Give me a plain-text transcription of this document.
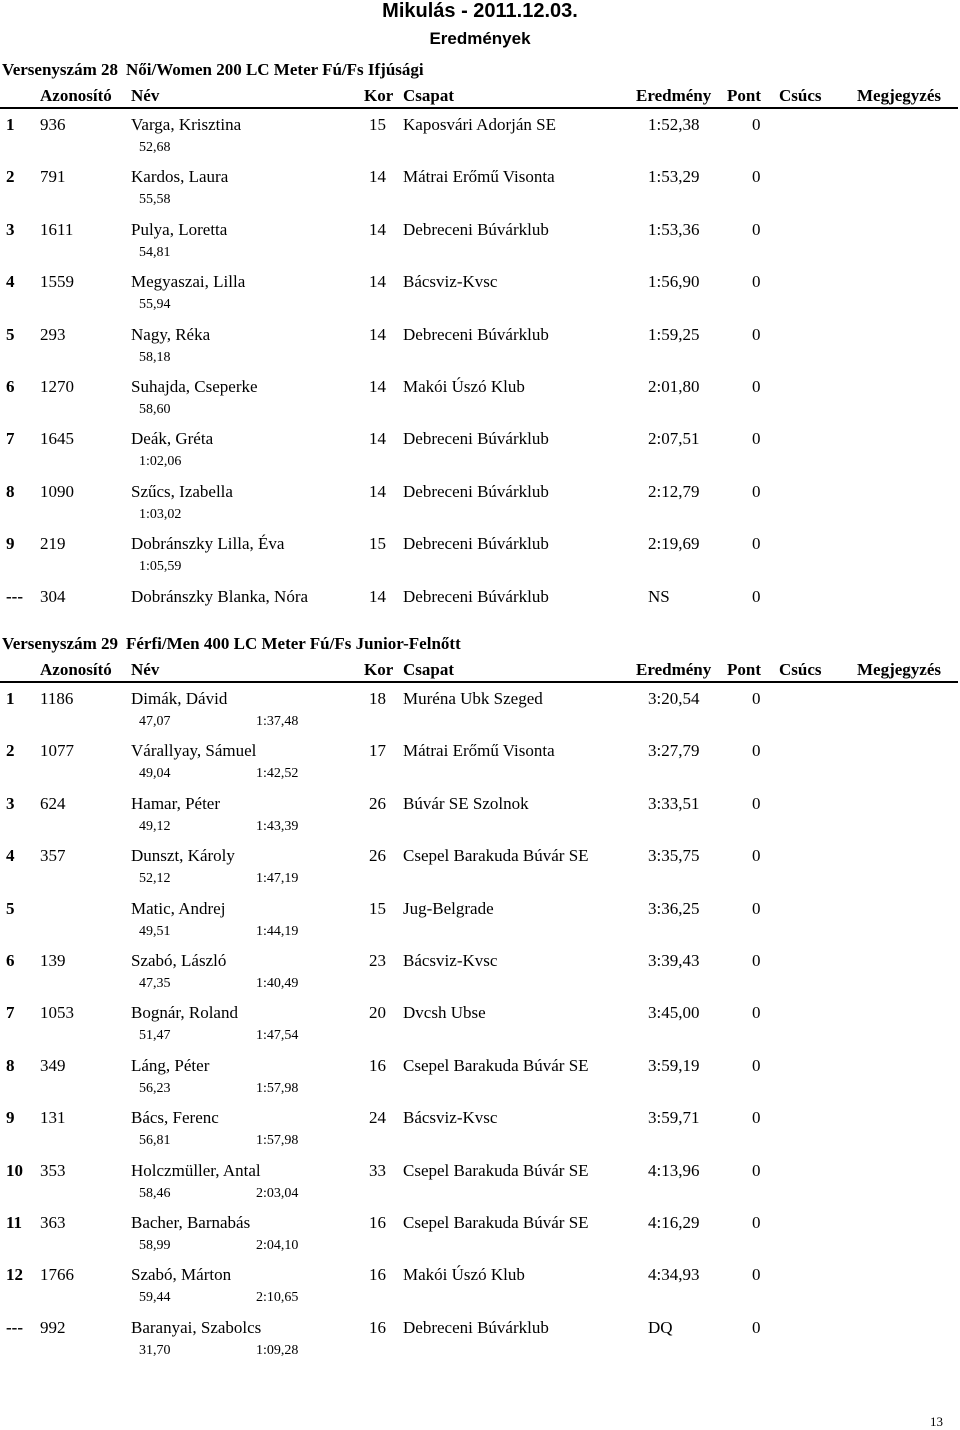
Mikulás - 2011.12.03.
Eredmények
Versenyszám 28 Női/Women 200 LC Meter Fú/Fs Ifjúsági
Azonosító Név	Kor Csapat	Eredmény Pont Csúcs Megjegyzés
1 936	Varga, Krisztina	15 Kaposvári Adorján SE	1:52,38	0
52,68
2 791	Kardos, Laura	14 Mátrai Erőmű Visonta	1:53,29	0
55,58
3 1611	Pulya, Loretta	14 Debreceni Búvárklub	1:53,36	0
54,81
4 1559	Megyaszai, Lilla	14 Bácsviz-Kvsc	1:56,90	0
55,94
5 293	Nagy, Réka	14 Debreceni Búvárklub	1:59,25	0
58,18
6 1270	Suhajda, Cseperke	14 Makói Úszó Klub	2:01,80	0
58,60
7 1645	Deák, Gréta	14 Debreceni Búvárklub	2:07,51	0
1:02,06
8 1090	Szűcs, Izabella	14 Debreceni Búvárklub	2:12,79	0
1:03,02
9 219	Dobránszky Lilla, Éva	15 Debreceni Búvárklub	2:19,69	0
1:05,59
--- 304	Dobránszky Blanka, Nóra	14 Debreceni Búvárklub	NS	0
Versenyszám 29 Férfi/Men 400 LC Meter Fú/Fs Junior-Felnőtt
Azonosító Név	Kor Csapat	Eredmény Pont Csúcs Megjegyzés
1 1186	Dimák, Dávid	18 Muréna Ubk Szeged	3:20,54	0
47,07	1:37,48
2 1077	Várallyay, Sámuel	17 Mátrai Erőmű Visonta	3:27,79	0
49,04	1:42,52
3 624	Hamar, Péter	26 Búvár SE Szolnok	3:33,51	0
49,12	1:43,39
4 357	Dunszt, Károly	26 Csepel Barakuda Búvár SE	3:35,75	0
52,12	1:47,19
5	Matic, Andrej	15 Jug-Belgrade	3:36,25	0
49,51	1:44,19
6 139	Szabó, László	23 Bácsviz-Kvsc	3:39,43	0
47,35	1:40,49
7 1053	Bognár, Roland	20 Dvcsh Ubse	3:45,00	0
51,47	1:47,54
8 349	Láng, Péter	16 Csepel Barakuda Búvár SE	3:59,19	0
56,23	1:57,98
9 131	Bács, Ferenc	24 Bácsviz-Kvsc	3:59,71	0
56,81	1:57,98
10 353	Holczmüller, Antal	33 Csepel Barakuda Búvár SE	4:13,96	0
58,46	2:03,04
11 363	Bacher, Barnabás	16 Csepel Barakuda Búvár SE	4:16,29	0
58,99	2:04,10
12 1766	Szabó, Márton	16 Makói Úszó Klub	4:34,93	0
59,44	2:10,65
--- 992	Baranyai, Szabolcs	16 Debreceni Búvárklub	DQ	0
31,70	1:09,28
13
